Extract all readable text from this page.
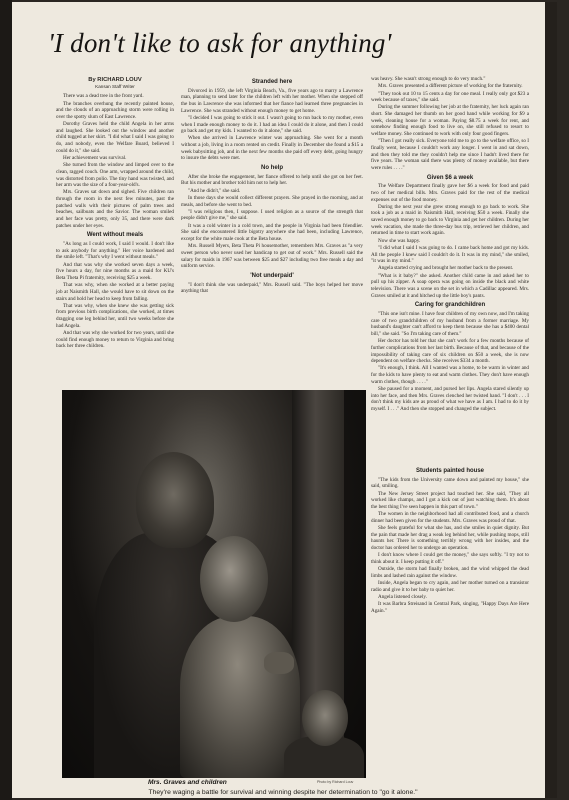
'I don't like to ask for anything'
By RICHARD LOUV
Kansan Staff Writer

There was a dead tree in the front yard.

The branches overhung the recently painted house, and the clouds of an approaching storm were rolling in over the spotty slum of East Lawrence.

Dorothy Graves held the child Angela in her arms and laughed. She looked out the window and another child tugged at her skirt. "I did what I said I was going to do, and nobody, even the Welfare Board, believed I could do it," she said.

Her achievement was survival.

She turned from the window and limped over to the clean, ragged couch. One arm, wrapped around the child, was distorted from polio. The tiny hand was twisted, and her arm was the size of a four-year-old's.

Mrs. Graves sat down and sighed. Five children ran through the room in the next few minutes, past the patched walls with their pictures of palm trees and beaches, sailboats and the Savior. The woman smiled and her face was pretty, only 35, and there were dark patches under her eyes.

Went without meals

"As long as I could work, I said I would. I don't like to ask anybody for anything." Her voice hardened and the smile left. "That's why I went without meals."

And that was why she worked seven days a week, five hours a day, for nine months as a maid for KU's Beta Theta Pi fraternity, receiving $25 a week.

That was why, when she worked at a better paying job at Naismith Hall, she would have to sit down on the stairs and hold her head to keep from falling.

That was why, when she knew she was getting sick from previous birth complications, she worked, at times dragging one leg behind her, until two weeks before she had Angela.

And that was why she worked for two years, until she could find enough money to return to Virginia and bring back her three children.

Stranded here

Divorced in 1959, she left Virginia Beach, Va., five years ago to marry a Lawrence man, planning to send later for the children left with her mother. When she stepped off the bus in Lawrence she was informed that her fiance had learned three pregnancies in Lawrence. She was stranded without enough money to get home.

"I decided I was going to stick it out. I wasn't going to run back to my mother, even when I made enough money to do it. I had an idea I could do it alone, and then I could go back and get my kids. I wanted to do it alone," she said.

When she arrived in Lawrence winter was approaching. She went for a month without a job, living in a room rented on credit. Finally in December she found a $15 a week babysitting job, and in the next few months she paid off every debt, going hungry to insure the debts were met.

No help

After she broke the engagement, her fiance offered to help until she got on her feet. But his mother and brother told him not to help her.

"And he didn't," she said.

In those days she would collect different prayers. She prayed in the morning, and at meals, and before she went to bed.

"I was religious then, I suppose. I used religion as a source of the strength that people didn't give me," she said.

It was a cold winter in a cold town, and the people in Virginia had been friendlier. She said she encountered little bigotry anywhere she had been, including Lawrence, except for the white male cook at the Beta house.

Mrs. Russell Myers, Beta Theta Pi housemother, remembers Mrs. Graves as "a very sweet person who never used her handicap to get out of work." Mrs. Russell said the salary for maids in 1967 was between $25 and $27 including two free meals a day and uniform service.

'Not underpaid'

"I don't think she was underpaid," Mrs. Russell said. "The boys helped her move anything that

was heavy. She wasn't strong enough to do very much."

Mrs. Graves presented a different picture of working for the fraternity.

"They took out 10 to 15 cents a day for one meal. I really only got $23 a week because of taxes," she said.

During the summer following her job at the fraternity, her luck again ran short. She damaged her thumb on her good hand while working for $9 a week, cleaning house for a woman. Paying $8.75 a week for rent, and somehow finding enough food to live on, she still refused to resort to welfare money. She continued to work with only four good fingers.

"Then I got really sick. Everyone told me to go to the welfare office, so I finally went, because I couldn't work any longer. I went in and sat down, and then they told me they couldn't help me since I hadn't lived there for five years. The woman said there was plenty of money available, but there were rules . . . ."

Given $6 a week

The Welfare Department finally gave her $6 a week for food and paid two of her medical bills. Mrs. Graves paid for the rest of the medical expenses out of the food money.

During the next year she grew strong enough to go back to work. She took a job as a maid in Naismith Hall, receiving $50 a week. Finally she saved enough money to go back to Virginia and get her children. During her week vacation, she made the three-day bus trip, retrieved her children, and returned in time to start work again.

Now she was happy.

"I did what I said I was going to do. I came back home and got my kids. All the people I knew said I couldn't do it. It was in my mind," she smiled, "it was in my mind."

Angela started crying and brought her mother back to the present.

"What is it baby?" she asked. Another child came in and asked her to pull up his zipper. A soap opera was going on inside the black and white television. There was a scene on the set in which a Cadillac appeared. Mrs. Graves smiled at it and hitched up the little boy's pants.

Caring for grandchildren

"This one isn't mine. I have four children of my own now, and I'm taking care of two grandchildren of my husband from a former marriage. My husband's daughter can't afford to keep them because she has a $400 dental bill," she said. "So I'm taking care of them."

Her doctor has told her that she can't work for a few months because of further complications from her last birth. Because of that, and because of the impossibility of taking care of six children on $50 a week, she is now dependent on welfare checks. She receives $334 a month.

"It's enough, I think. All I wanted was a home, to be warm in winter and for the kids to have plenty to eat and warm clothes. They don't have enough warm clothes, though . . . ."

She paused for a moment, and pursed her lips. Angela stared silently up into her face, and then Mrs. Graves clenched her twisted hand. "I don't . . . I don't think my kids are as proud of what we have as I am. I had to do it by myself. I . . ." And then she stopped and changed the subject.

Students painted house

"The kids from the University came down and painted my house," she said, smiling.

The New Jersey Street project had touched her. She said, "They all worked like champs, and I got a kick out of just watching them. It's about the best thing I've seen happen in this part of town."

The women in the neighborhood had all contributed food, and a church dinner had been given for the students. Mrs. Graves was proud of that.

She feels grateful for what she has, and she smiles in quiet dignity. But the pain that made her drag a weak leg behind her, while pushing mops, still haunts her. There is something terribly wrong with her insides, and the doctor has ordered her to undergo an operation.

I don't know where I could get the money," she says softly. "I try not to think about it. I keep putting it off."

Outside, the storm had finally broken, and the wind whipped the dead limbs and lashed rain against the window.

Inside, Angela began to cry again, and her mother turned on a transistor radio and give it to her baby to quiet her.

Angela listened closely.

It was Barbra Streisand in Central Park, singing, "Happy Days Are Here Again."

Mrs. Graves and children	Photo by Richard Louv
They're waging a battle for survival and winning despite her determination to "go it alone."
